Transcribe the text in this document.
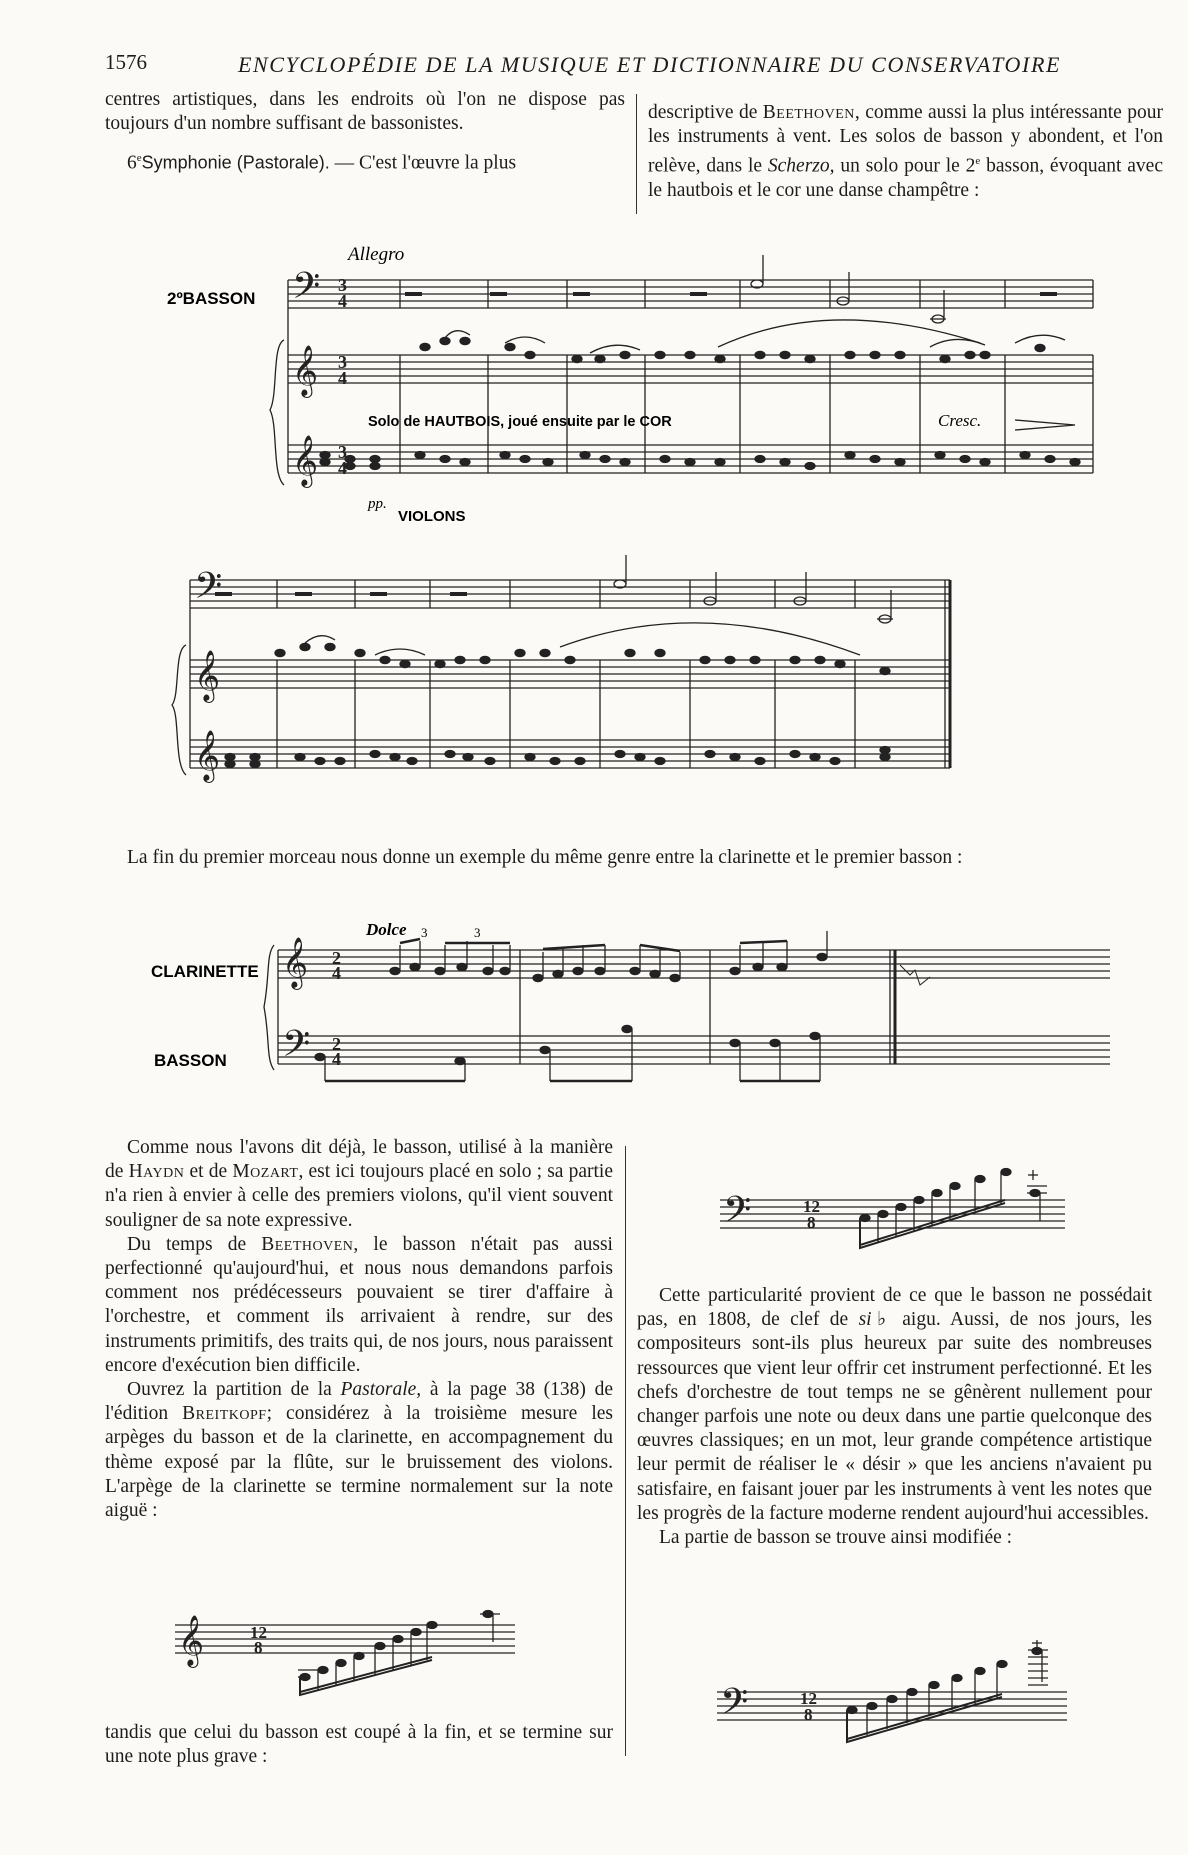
1576	ENCYCLOPÉDIE DE LA MUSIQUE ET DICTIONNAIRE DU CONSERVATOIRE

centres artistiques, dans les endroits où l'on ne dispose pas toujours d'un nombre suffisant de bassonistes.

6eSymphonie (Pastorale). — C'est l'œuvre la plus

descriptive de Beethoven, comme aussi la plus intéressante pour les instruments à vent. Les solos de basson y abondent, et l'on relève, dans le Scherzo, un solo pour le 2e basson, évoquant avec le hautbois et le cor une danse champêtre :

𝄢
𝄞
𝄞
𝄢
𝄞
𝄞
3
4
3
4
3
4
Allegro
2ºBASSON
Solo de HAUTBOIS, joué ensuite par le COR	Cresc.
pp.
VIOLONS
La fin du premier morceau nous donne un exemple du même genre entre la clarinette et le premier basson :
𝄞
𝄢
2
4
2
4
Dolce 3	3
CLARINETTE
BASSON

Comme nous l'avons dit déjà, le basson, utilisé à la manière de Haydn et de Mozart, est ici toujours placé en solo ; sa partie n'a rien à envier à celle des premiers violons, qu'il vient souvent souligner de sa note expressive.

Du temps de Beethoven, le basson n'était pas aussi perfectionné qu'aujourd'hui, et nous nous demandons parfois comment nos prédécesseurs pouvaient se tirer d'affaire à l'orchestre, et comment ils arrivaient à rendre, sur des instruments primitifs, des traits qui, de nos jours, nous paraissent encore d'exécution bien difficile.

Ouvrez la partition de la Pastorale, à la page 38 (138) de l'édition Breitkopf; considérez à la troisième mesure les arpèges du basson et de la clarinette, en accompagnement du thème exposé par la flûte, sur le bruissement des violons. L'arpège de la clarinette se termine normalement sur la note aiguë :

𝄞	12
8
tandis que celui du basson est coupé à la fin, et se termine sur une note plus grave :
𝄢	12
8

Cette particularité provient de ce que le basson ne possédait pas, en 1808, de clef de si♭ aigu. Aussi, de nos jours, les compositeurs sont-ils plus heureux par suite des nombreuses ressources que vient leur offrir cet instrument perfectionné. Et les chefs d'orchestre de tout temps ne se gênèrent nullement pour changer parfois une note ou deux dans une partie quelconque des œuvres classiques; en un mot, leur grande compétence artistique leur permit de réaliser le « désir » que les anciens n'avaient pu satisfaire, en faisant jouer par les instruments à vent les notes que les progrès de la facture moderne rendent aujourd'hui accessibles.

La partie de basson se trouve ainsi modifiée :

𝄢	12
8
